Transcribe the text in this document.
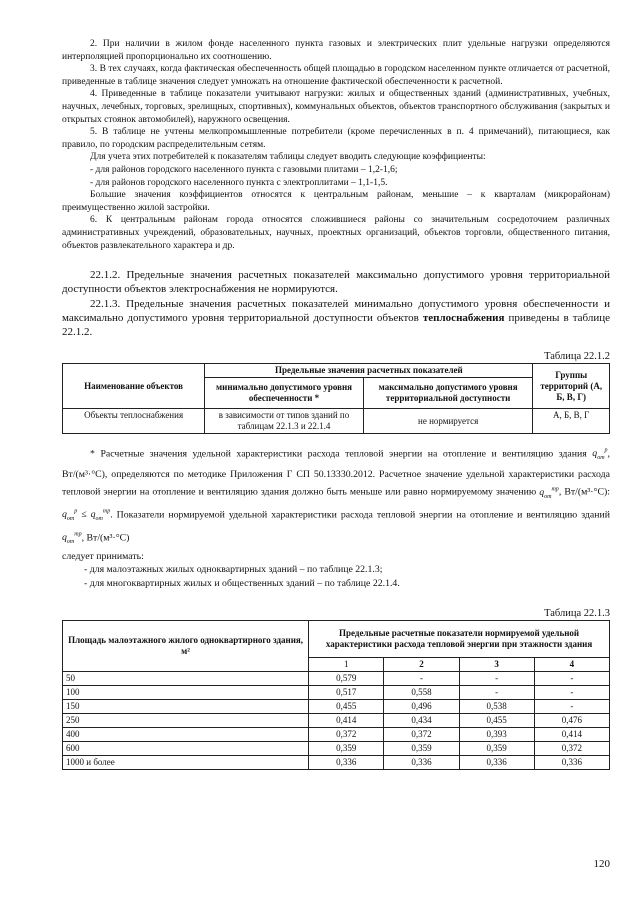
2. При наличии в жилом фонде населенного пункта газовых и электрических плит удельные нагрузки определяются интерполяцией пропорционально их соотношению.

3. В тех случаях, когда фактическая обеспеченность общей площадью в городском населенном пункте отличается от расчетной, приведенные в таблице значения следует умножать на отношение фактической обеспеченности к расчетной.

4. Приведенные в таблице показатели учитывают нагрузки: жилых и общественных зданий (административных, учебных, научных, лечебных, торговых, зрелищных, спортивных), коммунальных объектов, объектов транспортного обслуживания (закрытых и открытых стоянок автомобилей), наружного освещения.

5. В таблице не учтены мелкопромышленные потребители (кроме перечисленных в п. 4 примечаний), питающиеся, как правило, по городским распределительным сетям.

Для учета этих потребителей к показателям таблицы следует вводить следующие коэффициенты:

- для районов городского населенного пункта с газовыми плитами – 1,2-1,6;

- для районов городского населенного пункта с электроплитами – 1,1-1,5.

Большие значения коэффициентов относятся к центральным районам, меньшие – к кварталам (микрорайонам) преимущественно жилой застройки.

6. К центральным районам города относятся сложившиеся районы со значительным сосредоточием различных административных учреждений, образовательных, научных, проектных организаций, объектов торговли, общественного питания, объектов развлекательного характера и др.

22.1.2. Предельные значения расчетных показателей максимально допустимого уровня территориальной доступности объектов электроснабжения не нормируются.

22.1.3. Предельные значения расчетных показателей минимально допустимого уровня обеспеченности и максимально допустимого уровня территориальной доступности объектов теплоснабжения приведены в таблице 22.1.2.

Таблица 22.1.2
Наименование объектов	Предельные значения расчетных показателей		Группы территорий (А, Б, В, Г)
	минимально допустимого уровня обеспеченности *	максимально допустимого уровня территориальной доступности	
Объекты теплоснабжения	в зависимости от типов зданий по таблицам 22.1.3 и 22.1.4	не нормируется	А, Б, В, Г

* Расчетные значения удельной характеристики расхода тепловой энергии на отопление и вентиляцию здания $q_{от}^р$, Вт/(м³·°С), определяются по методике Приложения Г СП 50.13330.2012. Расчетное значение удельной характеристики расхода тепловой энергии на отопление и вентиляцию здания должно быть меньше или равно нормируемому значению $q_{от}^{тр}$, Вт/(м³·°С): $q_{от}^р \le q_{от}^{тр}$. Показатели нормируемой удельной характеристики расхода тепловой энергии на отопление и вентиляцию зданий $q_{от}^{тр}$, Вт/(м³·°С)

следует принимать:

- для малоэтажных жилых одноквартирных зданий – по таблице 22.1.3;

- для многоквартирных жилых и общественных зданий – по таблице 22.1.4.

Таблица 22.1.3
Площадь малоэтажного жилого одноквартирного здания, м²	Предельные расчетные показатели нормируемой удельной характеристики расхода тепловой энергии при этажности здания			
	1	2	3	4
50	0,579	-	-	-
100	0,517	0,558	-	-
150	0,455	0,496	0,538	-
250	0,414	0,434	0,455	0,476
400	0,372	0,372	0,393	0,414
600	0,359	0,359	0,359	0,372
1000 и более	0,336	0,336	0,336	0,336
120
